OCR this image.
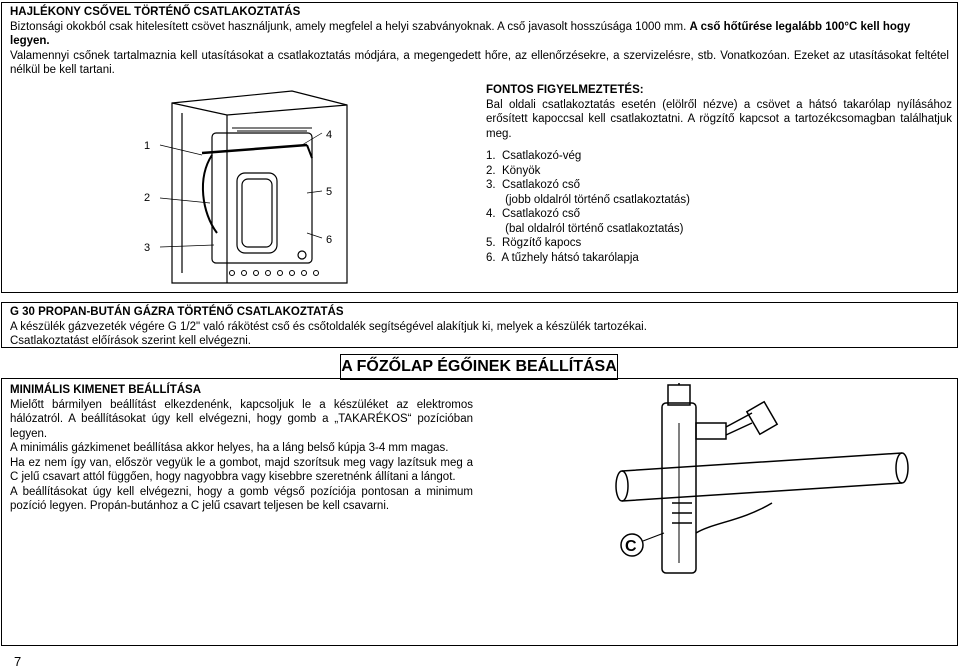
HAJLÉKONY CSŐVEL TÖRTÉNŐ CSATLAKOZTATÁS

Biztonsági okokból csak hitelesített csövet használjunk, amely megfelel a helyi szabványoknak. A cső javasolt hosszúsága 1000 mm. A cső hőtűrése legalább 100°C kell hogy legyen.

Valamennyi csőnek tartalmaznia kell utasításokat a csatlakoztatás módjára, a megengedett hőre, az ellenőrzésekre, a szervizelésre, stb. Vonatkozóan. Ezeket az utasításokat feltétel nélkül be kell tartani.

1
2
3
4
5
6

FONTOS FIGYELMEZTETÉS:

Bal oldali csatlakoztatás esetén (elölről nézve) a csövet a hátsó takarólap nyílásához erősített kapoccsal kell csatlakoztatni. A rögzítő kapcsot a tartozékcsomagban találhatjuk meg.

1.  Csatlakozó-vég
2.  Könyök
3.  Csatlakozó cső
(jobb oldalról történő csatlakoztatás)
4.  Csatlakozó cső
(bal oldalról történő csatlakoztatás)
5.  Rögzítő kapocs
6.  A tűzhely hátsó takarólapja

G 30 PROPAN-BUTÁN GÁZRA TÖRTÉNŐ CSATLAKOZTATÁS

A készülék gázvezeték végére G 1/2" való rákötést cső és csőtoldalék segítségével alakítjuk ki, melyek a készülék tartozékai.

Csatlakoztatást előírások szerint kell elvégezni.

MINIMÁLIS KIMENET BEÁLLÍTÁSA

Mielőtt bármilyen beállítást elkezdenénk, kapcsoljuk le a készüléket az elektromos hálózatról. A beállításokat úgy kell elvégezni, hogy gomb a „TAKARÉKOS“ pozícióban legyen.

A minimális gázkimenet beállítása akkor helyes, ha a láng belső kúpja 3-4 mm magas.

Ha ez nem így van, először vegyük le a gombot, majd szorítsuk meg vagy lazítsuk meg a C jelű csavart attól függően, hogy nagyobbra vagy kisebbre szeretnénk állítani a lángot.

A beállításokat úgy kell elvégezni, hogy a gomb végső pozíciója pontosan a minimum pozíció legyen. Propán-butánhoz a C jelű csavart teljesen be kell csavarni.

C
A FŐZŐLAP ÉGŐINEK BEÁLLÍTÁSA
7
